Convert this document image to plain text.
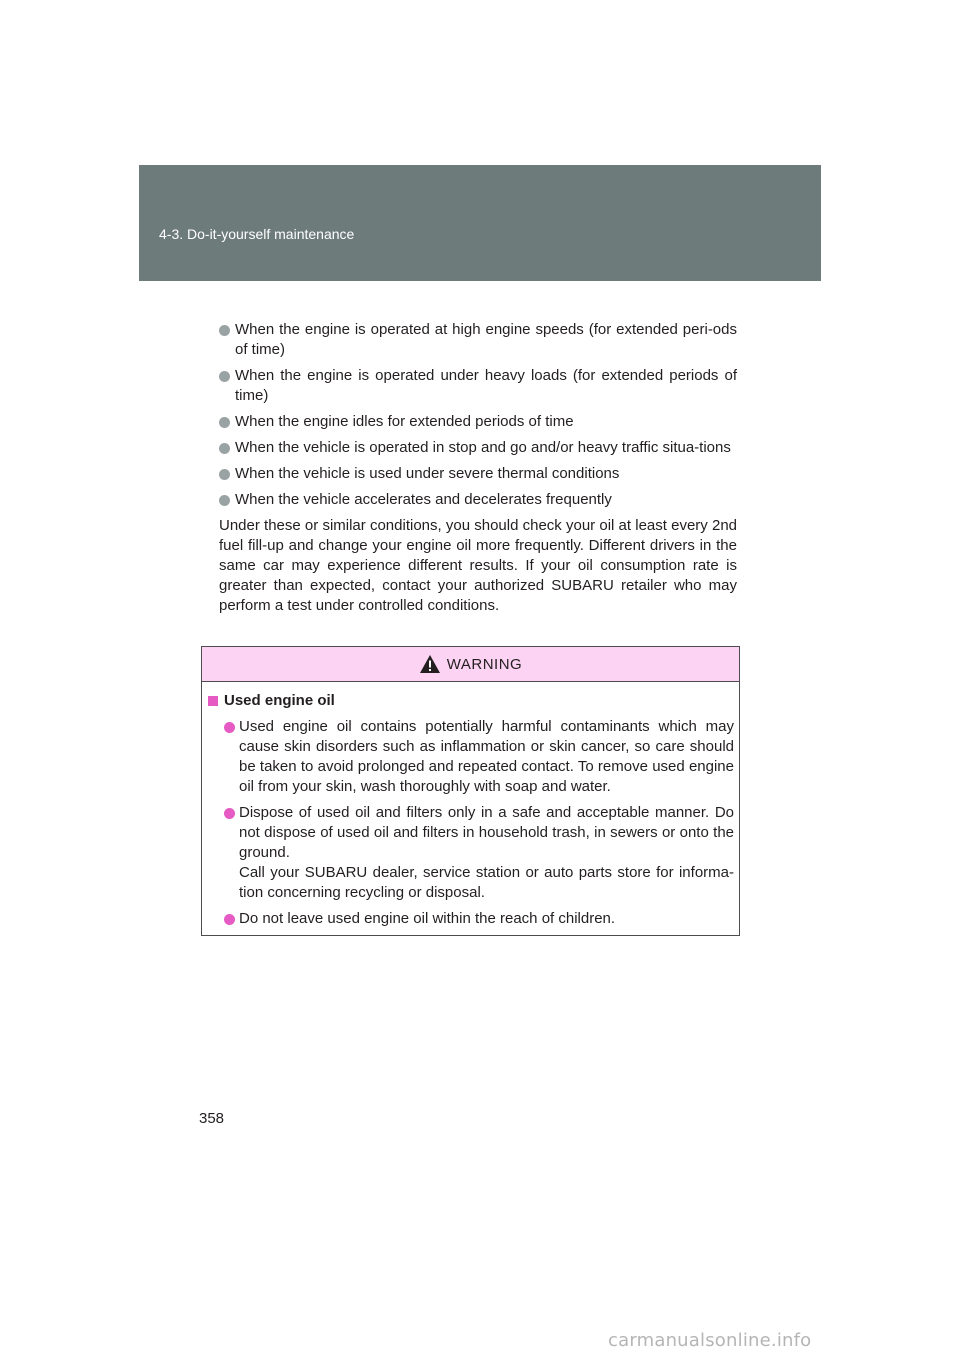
4-3. Do-it-yourself maintenance
When the engine is operated at high engine speeds (for extended peri-ods of time)
When the engine is operated under heavy loads (for extended periods of time)
When the engine idles for extended periods of time
When the vehicle is operated in stop and go and/or heavy traffic situa-tions
When the vehicle is used under severe thermal conditions
When the vehicle accelerates and decelerates frequently

Under these or similar conditions, you should check your oil at least every 2nd fuel fill-up and change your engine oil more frequently. Different drivers in the same car may experience different results. If your oil consumption rate is greater than expected, contact your authorized SUBARU retailer who may perform a test under controlled conditions.

WARNING
Used engine oil
Used engine oil contains potentially harmful contaminants which may cause skin disorders such as inflammation or skin cancer, so care should be taken to avoid prolonged and repeated contact. To remove used engine oil from your skin, wash thoroughly with soap and water.
Dispose of used oil and filters only in a safe and acceptable manner. Do not dispose of used oil and filters in household trash, in sewers or onto the ground.
Call your SUBARU dealer, service station or auto parts store for informa-tion concerning recycling or disposal.
Do not leave used engine oil within the reach of children.
358
carmanualsonline.info
